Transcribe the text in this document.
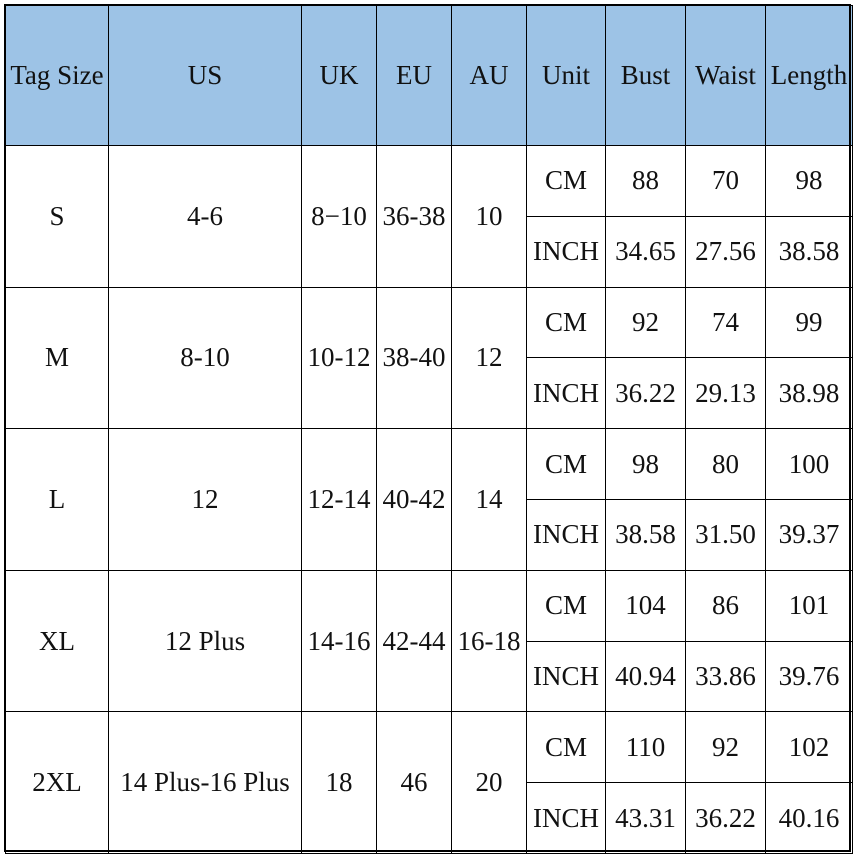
Tag Size	US	UK	EU	AU	Unit	Bust	Waist	Length
S	4-6	8−10	36-38	10	CM	88	70	98
					INCH	34.65	27.56	38.58
M	8-10	10-12	38-40	12	CM	92	74	99
					INCH	36.22	29.13	38.98
L	12	12-14	40-42	14	CM	98	80	100
					INCH	38.58	31.50	39.37
XL	12 Plus	14-16	42-44	16-18	CM	104	86	101
					INCH	40.94	33.86	39.76
2XL	14 Plus-16 Plus	18	46	20	CM	110	92	102
					INCH	43.31	36.22	40.16
